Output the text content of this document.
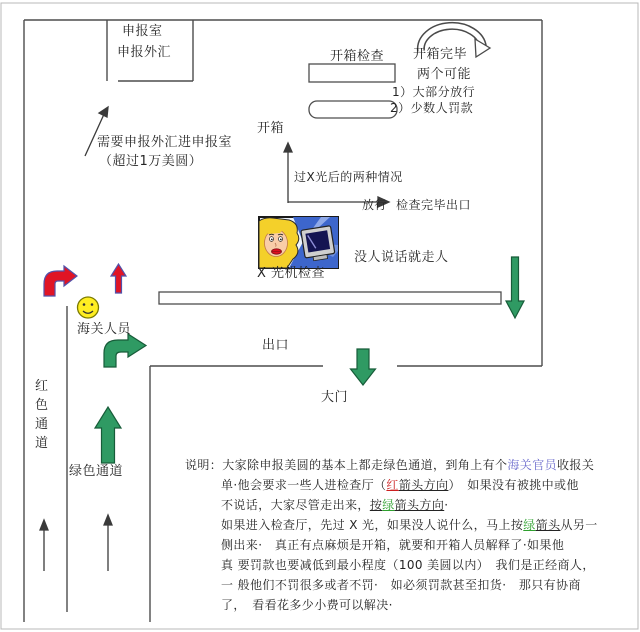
申报室
申报外汇
需要申报外汇进申报室
（超过1万美圆）
开箱检查 开箱完毕
两个可能
1）大部分放行
2）少数人罚款
开箱
过X光后的两种情况
放行 检查完毕出口
没人说话就走人
X 光机检查
海关人员
红
色
通
道
绿色通道
出口
大门
说明：大家除申报美圆的基本上都走绿色通道，到角上有个海关官员收报关
单·他会要求一些人进检查厅（红箭头方向）　如果没有被挑中或他
不说话，大家尽管走出来，按绿箭头方向·
如果进入检查厅，先过 X 光，如果没人说什么，马上按绿箭头从另一
侧出来·　真正有点麻烦是开箱，就要和开箱人员解释了·如果他
真 要罚款也要减低到最小程度（100 美圆以内）　我们是正经商人，
一 般他们不罚很多或者不罚·　如必须罚款甚至扣货·　那只有协商
了，　看看花多少小费可以解决·
